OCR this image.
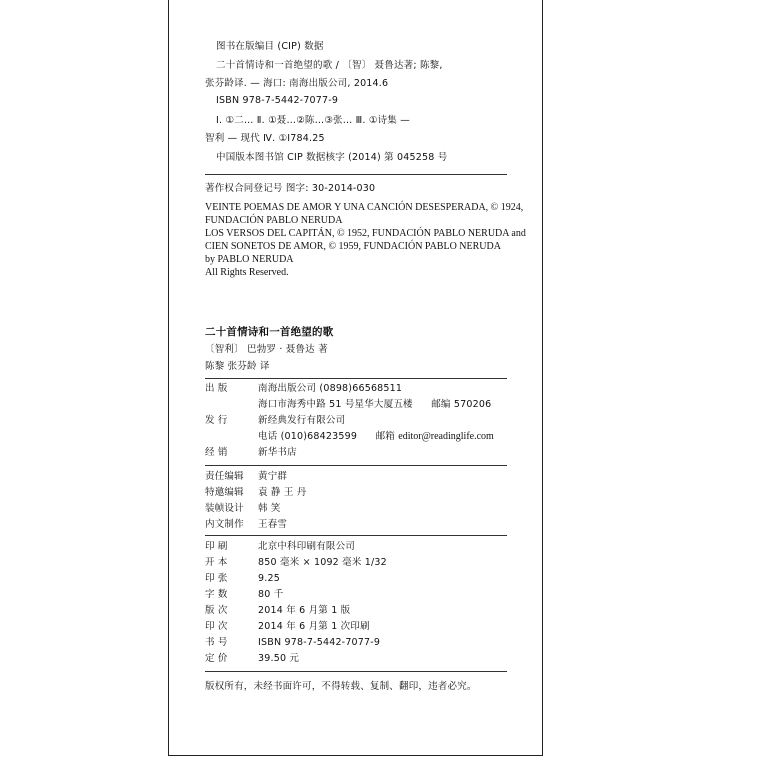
图书在版编目 (CIP) 数据
二十首情诗和一首绝望的歌 / 〔智〕 聂鲁达著; 陈黎,
张芬龄译. — 海口: 南海出版公司, 2014.6
ISBN 978-7-5442-7077-9
Ⅰ. ①二… Ⅱ. ①聂…②陈…③张… Ⅲ. ①诗集 —
智利 — 现代 Ⅳ. ①I784.25
中国版本图书馆 CIP 数据核字 (2014) 第 045258 号
著作权合同登记号 图字: 30-2014-030
VEINTE POEMAS DE AMOR Y UNA CANCIÓN DESESPERADA, © 1924,
FUNDACIÓN PABLO NERUDA
LOS VERSOS DEL CAPITÁN, © 1952, FUNDACIÓN PABLO NERUDA and
CIEN SONETOS DE AMOR, © 1959, FUNDACIÓN PABLO NERUDA
by PABLO NERUDA
All Rights Reserved.
二十首情诗和一首绝望的歌
〔智利〕 巴勃罗 · 聂鲁达 著
陈黎 张芬龄 译
出 版	南海出版公司 (0898)66568511
海口市海秀中路 51 号星华大厦五楼 邮编 570206
发 行	新经典发行有限公司
电话 (010)68423599 邮箱 editor@readinglife.com
经 销	新华书店
责任编辑 黄宁群
特邀编辑 袁 静 王 丹
装帧设计 韩 笑
内文制作 王春雪
印 刷	北京中科印刷有限公司
开 本	850 毫米 × 1092 毫米 1/32
印 张	9.25
字 数	80 千
版 次	2014 年 6 月第 1 版
印 次	2014 年 6 月第 1 次印刷
书 号	ISBN 978-7-5442-7077-9
定 价	39.50 元
版权所有，未经书面许可，不得转载、复制、翻印，违者必究。
